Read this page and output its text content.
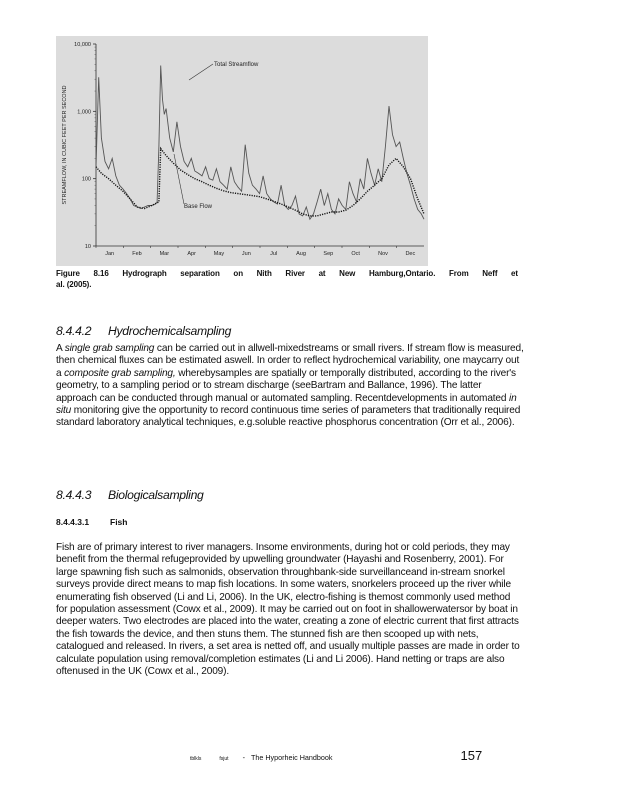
10,000
1,000
100
10
STREAMFLOW, IN CUBIC FEET PER SECOND
Jan	Feb	Mar	Apr	May	Jun	Jul	Aug	Sep	Oct	Nov	Dec
Total Streamflow
Base Flow
Figure 8.16 Hydrograph separation on Nith River at New Hamburg,Ontario. From Neff et
al. (2005).
8.4.4.2 Hydrochemicalsampling
A single grab sampling can be carried out in allwell-mixedstreams or small rivers. If stream flow is measured, then chemical fluxes can be estimated aswell. In order to reflect hydrochemical variability, one maycarry out a composite grab sampling, wherebysamples are spatially or temporally distributed, according to the river's geometry, to a sampling period or to stream discharge (seeBartram and Ballance, 1996). The latter approach can be conducted through manual or automated sampling. Recentdevelopments in automated in situ monitoring give the opportunity to record continuous time series of parameters that traditionally required standard laboratory analytical techniques, e.g.soluble reactive phosphorus concentration (Orr et al., 2006).
8.4.4.3 Biologicalsampling
8.4.4.3.1 Fish
Fish are of primary interest to river managers. Insome environments, during hot or cold periods, they may benefit from the thermal refugeprovided by upwelling groundwater (Hayashi and Rosenberry, 2001). For large spawning fish such as salmonids, observation throughbank-side surveillanceand in-stream snorkel surveys provide direct means to map fish locations. In some waters, snorkelers proceed up the river while enumerating fish observed (Li and Li, 2006). In the UK, electro-fishing is themost commonly used method for population assessment (Cowx et al., 2009). It may be carried out on foot in shallowerwatersor by boat in deeper waters. Two electrodes are placed into the water, creating a zone of electric current that first attracts the fish towards the device, and then stuns them. The stunned fish are then scooped up with nets, catalogued and released. In rivers, a set area is netted off, and usually multiple passes are made in order to calculate population using removal/completion estimates (Li and Li 2006). Hand netting or traps are also oftenused in the UK (Cowx et al., 2009).
tblkls	fsjut - The Hyporheic Handbook	157
